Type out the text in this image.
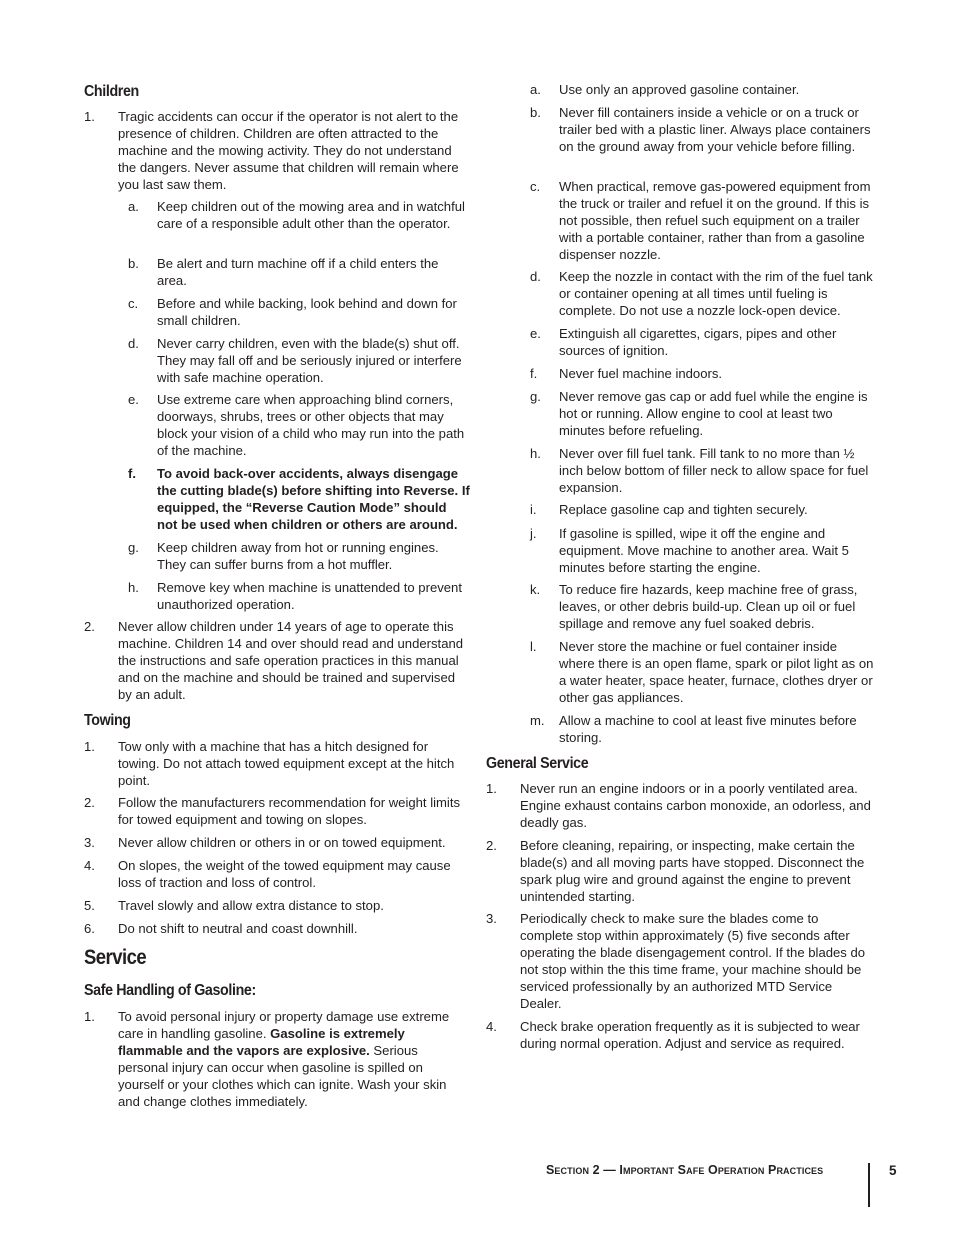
Children
1. Tragic accidents can occur if the operator is not alert to the presence of children. Children are often attracted to the machine and the mowing activity. They do not understand the dangers. Never assume that children will remain where you last saw them.
a. Keep children out of the mowing area and in watchful care of a responsible adult other than the operator.
b. Be alert and turn machine off if a child enters the area.
c. Before and while backing, look behind and down for small children.
d. Never carry children, even with the blade(s) shut off. They may fall off and be seriously injured or interfere with safe machine operation.
e. Use extreme care when approaching blind corners, doorways, shrubs, trees or other objects that may block your vision of a child who may run into the path of the machine.
f. To avoid back-over accidents, always disengage the cutting blade(s) before shifting into Reverse. If equipped, the “Reverse Caution Mode” should not be used when children or others are around.
g. Keep children away from hot or running engines. They can suffer burns from a hot muffler.
h. Remove key when machine is unattended to prevent unauthorized operation.
2. Never allow children under 14 years of age to operate this machine. Children 14 and over should read and understand the instructions and safe operation practices in this manual and on the machine and should be trained and supervised by an adult.
Towing
1. Tow only with a machine that has a hitch designed for towing. Do not attach towed equipment except at the hitch point.
2. Follow the manufacturers recommendation for weight limits for towed equipment and towing on slopes.
3. Never allow children or others in or on towed equipment.
4. On slopes, the weight of the towed equipment may cause loss of traction and loss of control.
5. Travel slowly and allow extra distance to stop.
6. Do not shift to neutral and coast downhill.
Service
Safe Handling of Gasoline:
1. To avoid personal injury or property damage use extreme care in handling gasoline. Gasoline is extremely flammable and the vapors are explosive. Serious personal injury can occur when gasoline is spilled on yourself or your clothes which can ignite. Wash your skin and change clothes immediately.
a. Use only an approved gasoline container.
b. Never fill containers inside a vehicle or on a truck or trailer bed with a plastic liner. Always place containers on the ground away from your vehicle before filling.
c. When practical, remove gas-powered equipment from the truck or trailer and refuel it on the ground. If this is not possible, then refuel such equipment on a trailer with a portable container, rather than from a gasoline dispenser nozzle.
d. Keep the nozzle in contact with the rim of the fuel tank or container opening at all times until fueling is complete. Do not use a nozzle lock-open device.
e. Extinguish all cigarettes, cigars, pipes and other sources of ignition.
f. Never fuel machine indoors.
g. Never remove gas cap or add fuel while the engine is hot or running. Allow engine to cool at least two minutes before refueling.
h. Never over fill fuel tank. Fill tank to no more than ½ inch below bottom of filler neck to allow space for fuel expansion.
i. Replace gasoline cap and tighten securely.
j. If gasoline is spilled, wipe it off the engine and equipment. Move machine to another area. Wait 5 minutes before starting the engine.
k. To reduce fire hazards, keep machine free of grass, leaves, or other debris build-up. Clean up oil or fuel spillage and remove any fuel soaked debris.
l. Never store the machine or fuel container inside where there is an open flame, spark or pilot light as on a water heater, space heater, furnace, clothes dryer or other gas appliances.
m. Allow a machine to cool at least five minutes before storing.
General Service
1. Never run an engine indoors or in a poorly ventilated area. Engine exhaust contains carbon monoxide, an odorless, and deadly gas.
2. Before cleaning, repairing, or inspecting, make certain the blade(s) and all moving parts have stopped. Disconnect the spark plug wire and ground against the engine to prevent unintended starting.
3. Periodically check to make sure the blades come to complete stop within approximately (5) five seconds after operating the blade disengagement control. If the blades do not stop within the this time frame, your machine should be serviced professionally by an authorized MTD Service Dealer.
4. Check brake operation frequently as it is subjected to wear during normal operation. Adjust and service as required.
Section 2 — Important Safe Operation Practices	5
